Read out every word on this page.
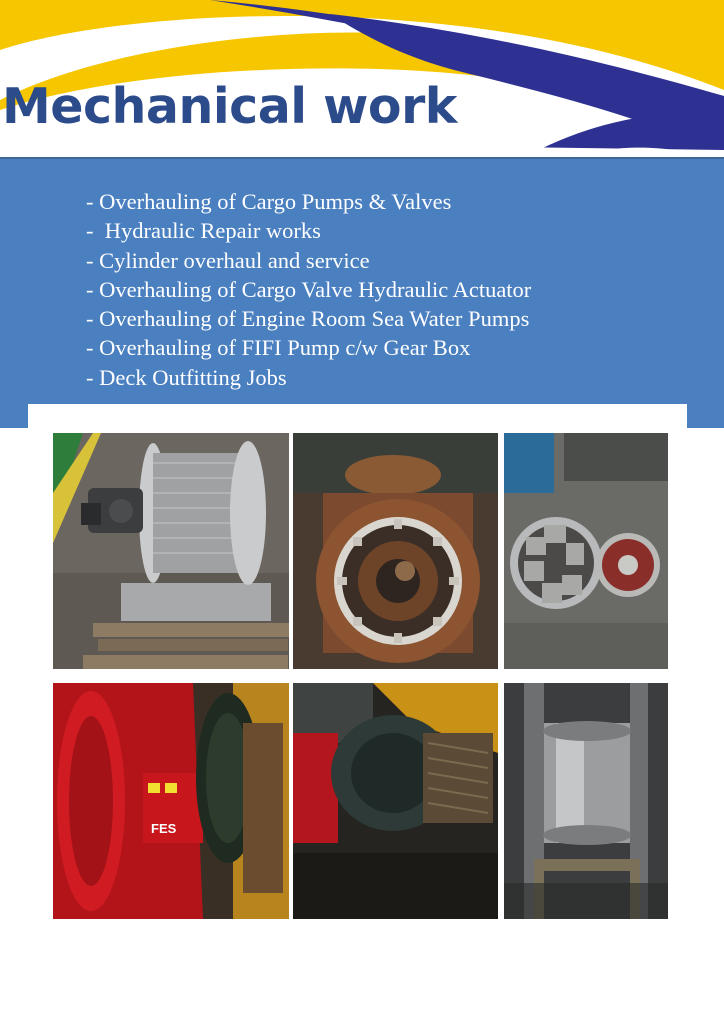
Mechanical work
- Overhauling of Cargo Pumps & Valves
-  Hydraulic Repair works
- Cylinder overhaul and service
- Overhauling of Cargo Valve Hydraulic Actuator
- Overhauling of Engine Room Sea Water Pumps
- Overhauling of FIFI Pump c/w Gear Box
- Deck Outfitting Jobs
FES
